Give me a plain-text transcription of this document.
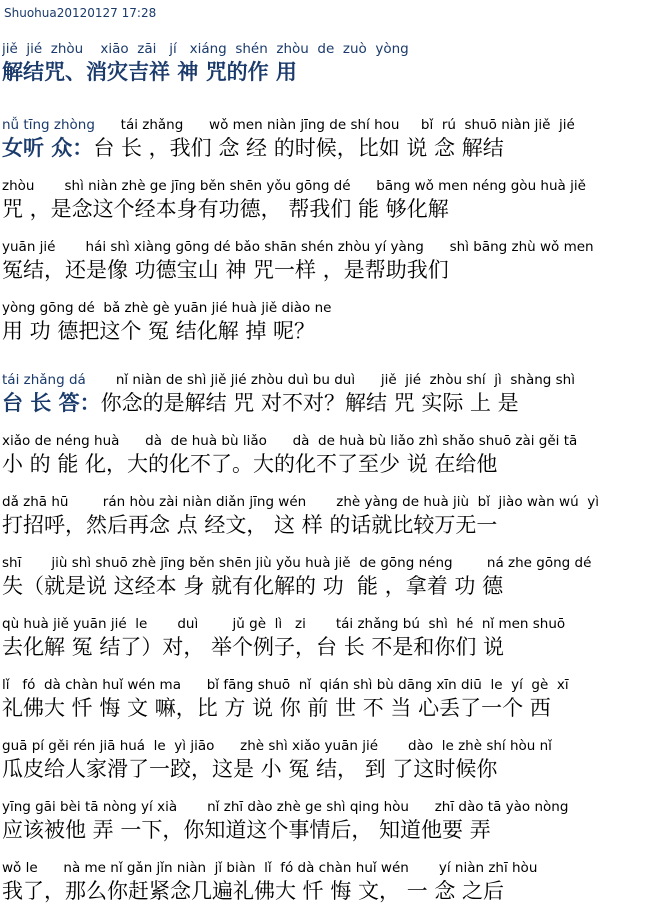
Shuohua20120127 17:28
jiě  jié  zhòu    xiāo  zāi   jí   xiáng  shén  zhòu  de  zuò  yòng
解结咒、消灾吉祥 神 咒的作 用
nǚ tīng zhòng      tái zhǎng      wǒ men niàn jīng de shí hou     bǐ  rú  shuō niàn jiě  jié
女听 众：台 长 ，我们 念 经 的时候，比如 说 念 解结
zhòu       shì niàn zhè ge jīng běn shēn yǒu gōng dé      bāng wǒ men néng gòu huà jiě
咒 ，是念这个经本身有功德， 帮我们 能 够化解
yuān jié       hái shì xiàng gōng dé bǎo shān shén zhòu yí yàng      shì bāng zhù wǒ men
冤结，还是像 功德宝山 神 咒一样 ，是帮助我们
yòng gōng dé  bǎ zhè gè yuān jié huà jiě diào ne
用 功 德把这个 冤 结化解 掉 呢？
tái zhǎng dá       nǐ niàn de shì jiě jié zhòu duì bu duì      jiě  jié  zhòu shí  jì  shàng shì
台 长 答：你念的是解结 咒 对不对？解结 咒 实际 上 是
xiǎo de néng huà      dà  de huà bù liǎo      dà  de huà bù liǎo zhì shǎo shuō zài gěi tā
小 的 能 化，大的化不了。大的化不了至少 说 在给他
dǎ zhā hū        rán hòu zài niàn diǎn jīng wén       zhè yàng de huà jiù  bǐ  jiào wàn wú  yì
打招呼，然后再念 点 经文， 这 样 的话就比较万无一
shī       jiù shì shuō zhè jīng běn shēn jiù yǒu huà jiě  de gōng néng        ná zhe gōng dé
失（就是说 这经本 身 就有化解的 功  能 ，拿着 功 德
qù huà jiě yuān jié  le       duì        jǔ gè  lì   zi       tái zhǎng bú  shì  hé  nǐ men shuō
去化解 冤 结了）对， 举个例子，台 长 不是和你们 说
lǐ   fó  dà chàn huǐ wén ma      bǐ fāng shuō  nǐ  qián shì bù dāng xīn diū  le  yí  gè  xī
礼佛大 忏 悔 文 嘛，比 方 说 你 前 世 不 当 心丢了一个 西
guā pí gěi rén jiā huá  le  yì jiāo      zhè shì xiǎo yuān jié       dào  le zhè shí hòu nǐ
瓜皮给人家滑了一跤，这是 小 冤 结， 到 了这时候你
yīng gāi bèi tā nòng yí xià       nǐ zhī dào zhè ge shì qing hòu      zhī dào tā yào nòng
应该被他 弄 一下，你知道这个事情后， 知道他要 弄
wǒ le      nà me nǐ gǎn jǐn niàn  jǐ biàn  lǐ  fó dà chàn huǐ wén       yí niàn zhī hòu
我了，那么你赶紧念几遍礼佛大 忏 悔 文， 一 念 之后
